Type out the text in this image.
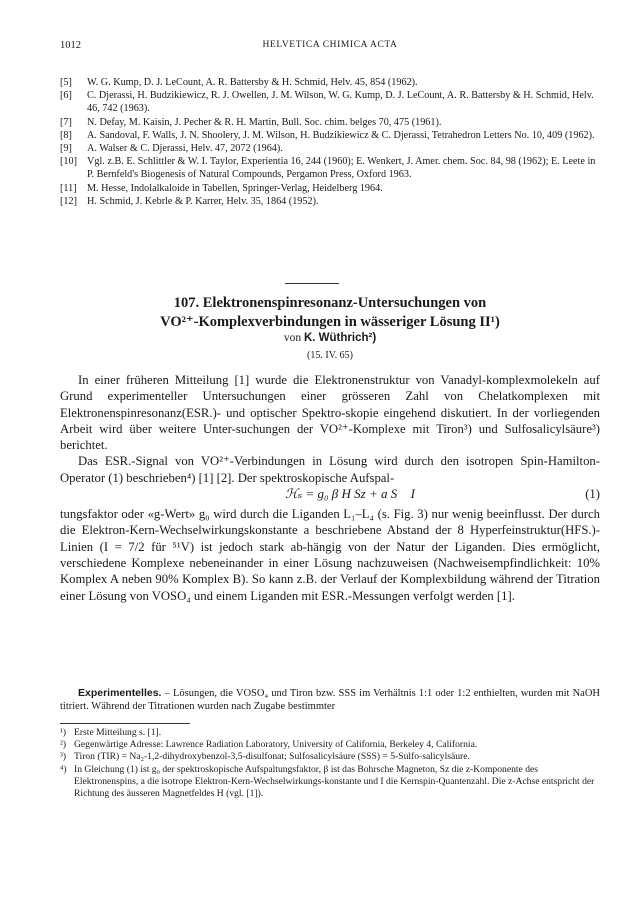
1012	HELVETICA CHIMICA ACTA
[5]	W. G. Kump, D. J. LeCount, A. R. Battersby & H. Schmid, Helv. 45, 854 (1962).
[6]	C. Djerassi, H. Budzikiewicz, R. J. Owellen, J. M. Wilson, W. G. Kump, D. J. LeCount, A. R. Battersby & H. Schmid, Helv. 46, 742 (1963).
[7]	N. Defay, M. Kaisin, J. Pecher & R. H. Martin, Bull. Soc. chim. belges 70, 475 (1961).
[8]	A. Sandoval, F. Walls, J. N. Shoolery, J. M. Wilson, H. Budzikiewicz & C. Djerassi, Tetrahedron Letters No. 10, 409 (1962).
[9]	A. Walser & C. Djerassi, Helv. 47, 2072 (1964).
[10] Vgl. z.B. E. Schlittler & W. I. Taylor, Experientia 16, 244 (1960); E. Wenkert, J. Amer. chem. Soc. 84, 98 (1962); E. Leete in P. Bernfeld's Biogenesis of Natural Compounds, Pergamon Press, Oxford 1963.
[11]	M. Hesse, Indolalkaloide in Tabellen, Springer-Verlag, Heidelberg 1964.
[12] H. Schmid, J. Kebrle & P. Karrer, Helv. 35, 1864 (1952).
107. Elektronenspinresonanz-Untersuchungen von
VO²⁺-Komplexverbindungen in wässeriger Lösung II¹)
von K. Wüthrich²)
(15. IV. 65)

In einer früheren Mitteilung [1] wurde die Elektronenstruktur von Vanadyl-komplexmolekeln auf Grund experimenteller Untersuchungen einer grösseren Zahl von Chelatkomplexen mit Elektronenspinresonanz(ESR.)- und optischer Spektro-skopie eingehend diskutiert. In der vorliegenden Arbeit wird über weitere Unter-suchungen der VO²⁺-Komplexe mit Tiron³) und Sulfosalicylsäure³) berichtet.

Das ESR.-Signal von VO²⁺-Verbindungen in Lösung wird durch den isotropen Spin-Hamilton-Operator (1) beschrieben⁴) [1] [2]. Der spektroskopische Aufspal-

ℋₛ = g₀ β H Sz + a S⃗ I⃗	(1)

tungsfaktor oder «g-Wert» g₀ wird durch die Liganden L₁–L₄ (s. Fig. 3) nur wenig beeinflusst. Der durch die Elektron-Kern-Wechselwirkungskonstante a beschriebene Abstand der 8 Hyperfeinstruktur(HFS.)-Linien (I = 7/2 für ⁵¹V) ist jedoch stark ab-hängig von der Natur der Liganden. Dies ermöglicht, verschiedene Komplexe nebeneinander in einer Lösung nachzuweisen (Nachweisempfindlichkeit: 10% Komplex A neben 90% Komplex B). So kann z.B. der Verlauf der Komplexbildung während der Titration einer Lösung von VOSO₄ und einem Liganden mit ESR.-Messungen verfolgt werden [1].

Experimentelles. – Lösungen, die VOSO₄ und Tiron bzw. SSS im Verhältnis 1:1 oder 1:2 enthielten, wurden mit NaOH titriert. Während der Titrationen wurden nach Zugabe bestimmter

¹) Erste Mitteilung s. [1].
²) Gegenwärtige Adresse: Lawrence Radiation Laboratory, University of California, Berkeley 4, California.
³) Tiron (TIR) = Na₂-1,2-dihydroxybenzol-3,5-disulfonat; Sulfosalicylsäure (SSS) = 5-Sulfo-salicylsäure.
⁴) In Gleichung (1) ist g₀ der spektroskopische Aufspaltungsfaktor, β ist das Bohrsche Magneton, Sz die z-Komponente des Elektronenspins, a die isotrope Elektron-Kern-Wechselwirkungs-konstante und I die Kernspin-Quantenzahl. Die z-Achse entspricht der Richtung des äusseren Magnetfeldes H (vgl. [1]).
